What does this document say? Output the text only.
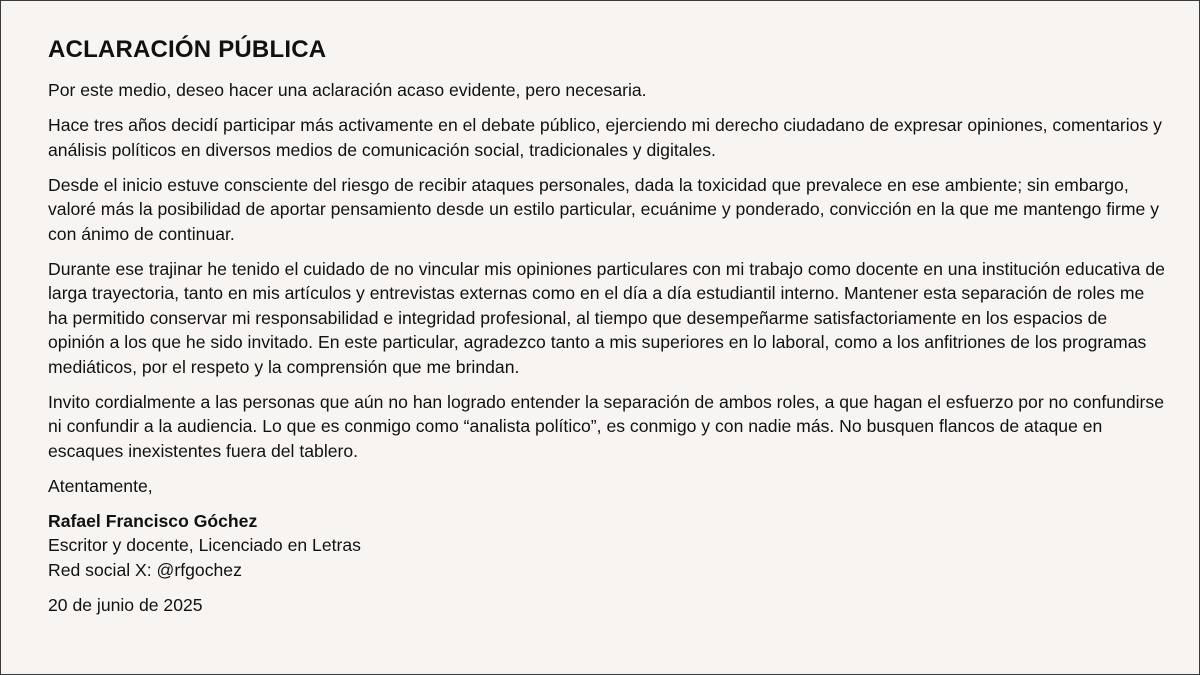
ACLARACIÓN PÚBLICA

Por este medio, deseo hacer una aclaración acaso evidente, pero necesaria.

Hace tres años decidí participar más activamente en el debate público, ejerciendo mi derecho ciudadano de expresar opiniones, comentarios y análisis políticos en diversos medios de comunicación social, tradicionales y digitales.

Desde el inicio estuve consciente del riesgo de recibir ataques personales, dada la toxicidad que prevalece en ese ambiente; sin embargo, valoré más la posibilidad de aportar pensamiento desde un estilo particular, ecuánime y ponderado, convicción en la que me mantengo firme y con ánimo de continuar.

Durante ese trajinar he tenido el cuidado de no vincular mis opiniones particulares con mi trabajo como docente en una institución educativa de larga trayectoria, tanto en mis artículos y entrevistas externas como en el día a día estudiantil interno. Mantener esta separación de roles me ha permitido conservar mi responsabilidad e integridad profesional, al tiempo que desempeñarme satisfactoriamente en los espacios de opinión a los que he sido invitado. En este particular, agradezco tanto a mis superiores en lo laboral, como a los anfitriones de los programas mediáticos, por el respeto y la comprensión que me brindan.

Invito cordialmente a las personas que aún no han logrado entender la separación de ambos roles, a que hagan el esfuerzo por no confundirse ni confundir a la audiencia. Lo que es conmigo como “analista político”, es conmigo y con nadie más. No busquen flancos de ataque en escaques inexistentes fuera del tablero.

Atentamente,

Rafael Francisco Góchez
Escritor y docente, Licenciado en Letras
Red social X: @rfgochez

20 de junio de 2025
